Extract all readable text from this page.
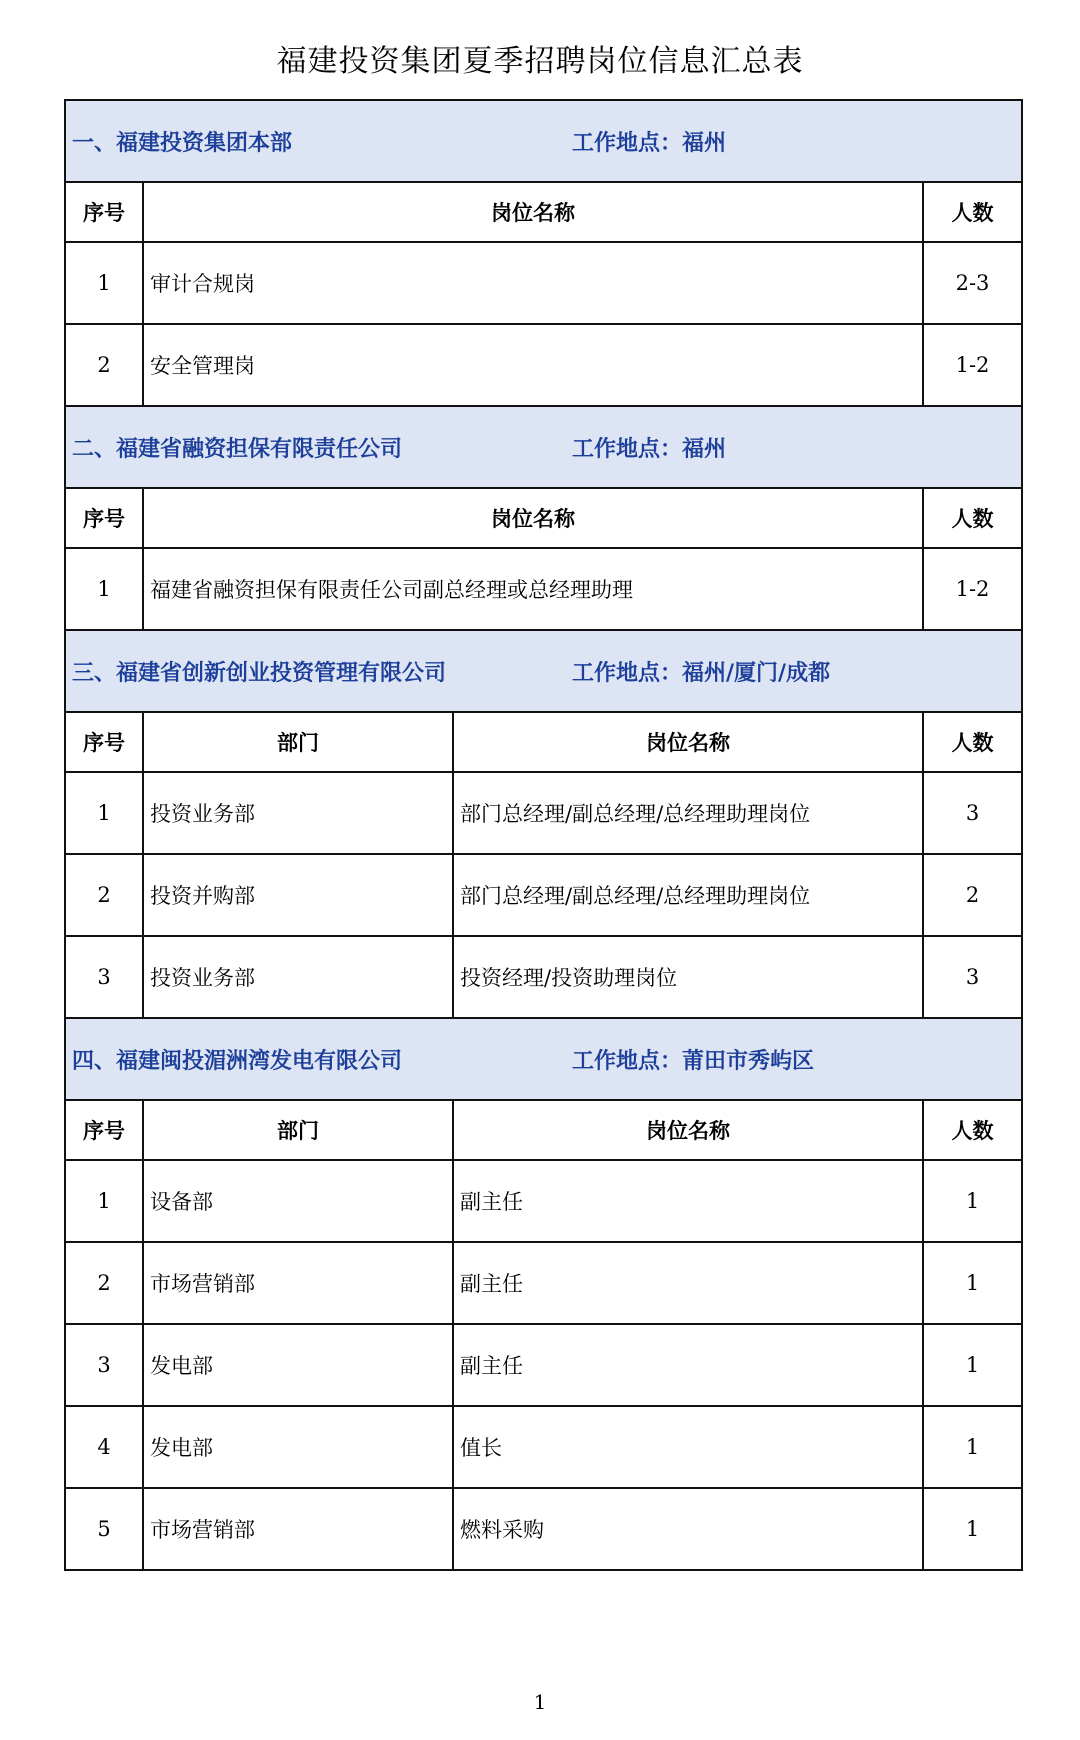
福建投资集团夏季招聘岗位信息汇总表
一、福建投资集团本部 工作地点：福州			
序号	岗位名称		人数
1	审计合规岗		2-3
2	安全管理岗		1-2
二、福建省融资担保有限责任公司 工作地点：福州			
序号	岗位名称		人数
1	福建省融资担保有限责任公司副总经理或总经理助理		1-2
三、福建省创新创业投资管理有限公司 工作地点：福州/厦门/成都			
序号	部门	岗位名称	人数
1	投资业务部	部门总经理/副总经理/总经理助理岗位	3
2	投资并购部	部门总经理/副总经理/总经理助理岗位	2
3	投资业务部	投资经理/投资助理岗位	3
四、福建闽投湄洲湾发电有限公司 工作地点：莆田市秀屿区			
序号	部门	岗位名称	人数
1	设备部	副主任	1
2	市场营销部	副主任	1
3	发电部	副主任	1
4	发电部	值长	1
5	市场营销部	燃料采购	1
1
